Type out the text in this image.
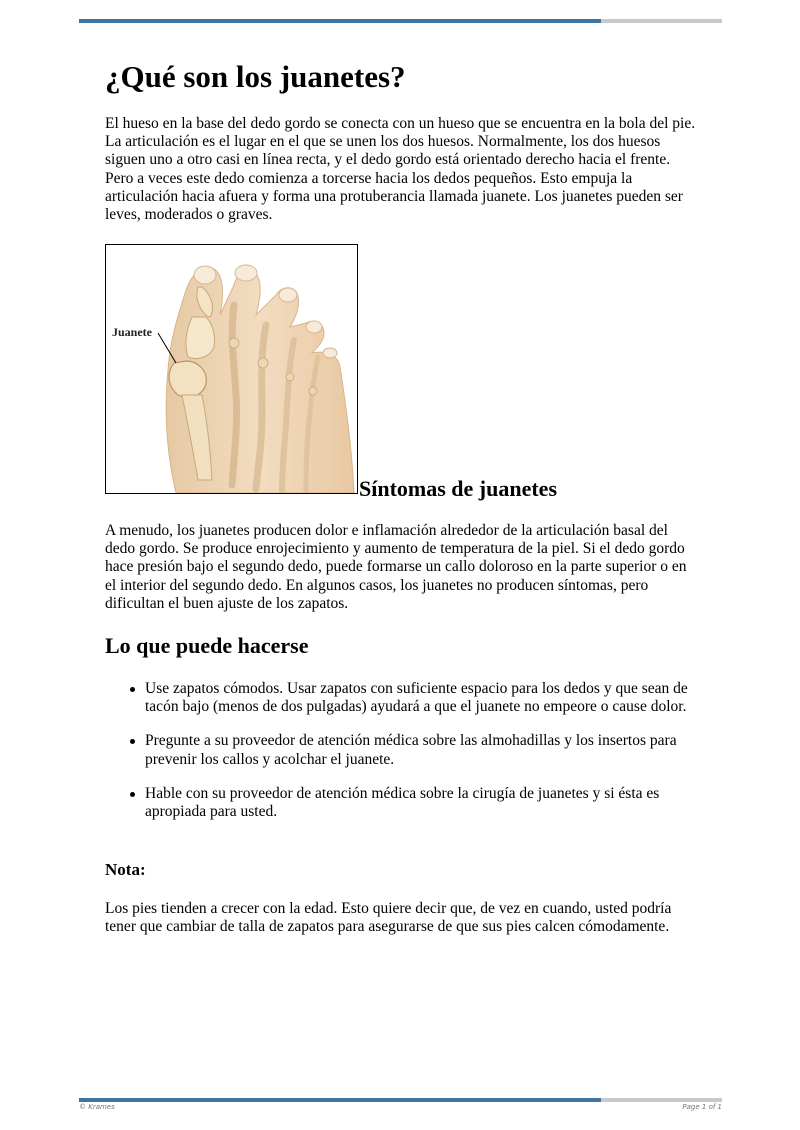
¿Qué son los juanetes?

El hueso en la base del dedo gordo se conecta con un hueso que se encuentra en la bola del pie. La articulación es el lugar en el que se unen los dos huesos. Normalmente, los dos huesos siguen uno a otro casi en línea recta, y el dedo gordo está orientado derecho hacia el frente. Pero a veces este dedo comienza a torcerse hacia los dedos pequeños. Esto empuja la articulación hacia afuera y forma una protuberancia llamada juanete. Los juanetes pueden ser leves, moderados o graves.

Juanete
Síntomas de juanetes

A menudo, los juanetes producen dolor e inflamación alrededor de la articulación basal del dedo gordo. Se produce enrojecimiento y aumento de temperatura de la piel. Si el dedo gordo hace presión bajo el segundo dedo, puede formarse un callo doloroso en la parte superior o en el interior del segundo dedo. En algunos casos, los juanetes no producen síntomas, pero dificultan el buen ajuste de los zapatos.

Lo que puede hacerse
Use zapatos cómodos. Usar zapatos con suficiente espacio para los dedos y que sean de tacón bajo (menos de dos pulgadas) ayudará a que el juanete no empeore o cause dolor.
Pregunte a su proveedor de atención médica sobre las almohadillas y los insertos para prevenir los callos y acolchar el juanete.
Hable con su proveedor de atención médica sobre la cirugía de juanetes y si ésta es apropiada para usted.
Nota:

Los pies tienden a crecer con la edad. Esto quiere decir que, de vez en cuando, usted podría tener que cambiar de talla de zapatos para asegurarse de que sus pies calcen cómodamente.

© Krames	Page 1 of 1
